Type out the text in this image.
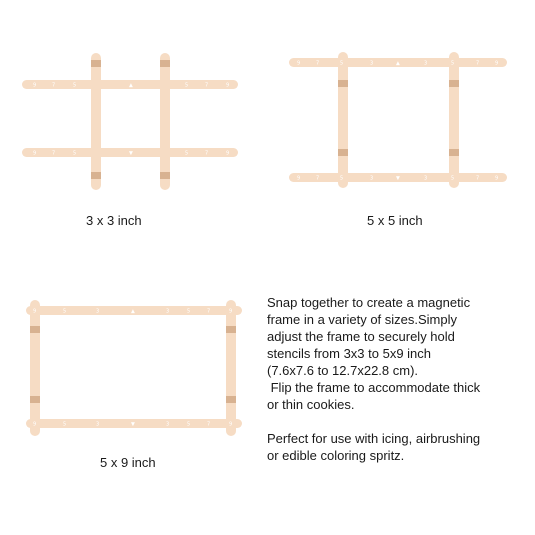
9	7	5	▲	5	7	9
9	7	5	▼	5	7	9
9	7	5	3	▲	3	5	7	9
9	7	5	3	▼	3	5	7	9
9	5	3	▲	3	5	7	9
9	5	3	▼	3	5	7	9
3 x 3 inch	5 x 5 inch
5 x 9 inch

Snap together to create a magnetic

frame in a variety of sizes.Simply

adjust the frame to securely hold

stencils from 3x3 to 5x9 inch

(7.6x7.6 to 12.7x22.8 cm).

Flip the frame to accommodate thick

or thin cookies.

Perfect for use with icing, airbrushing

or edible coloring spritz.
